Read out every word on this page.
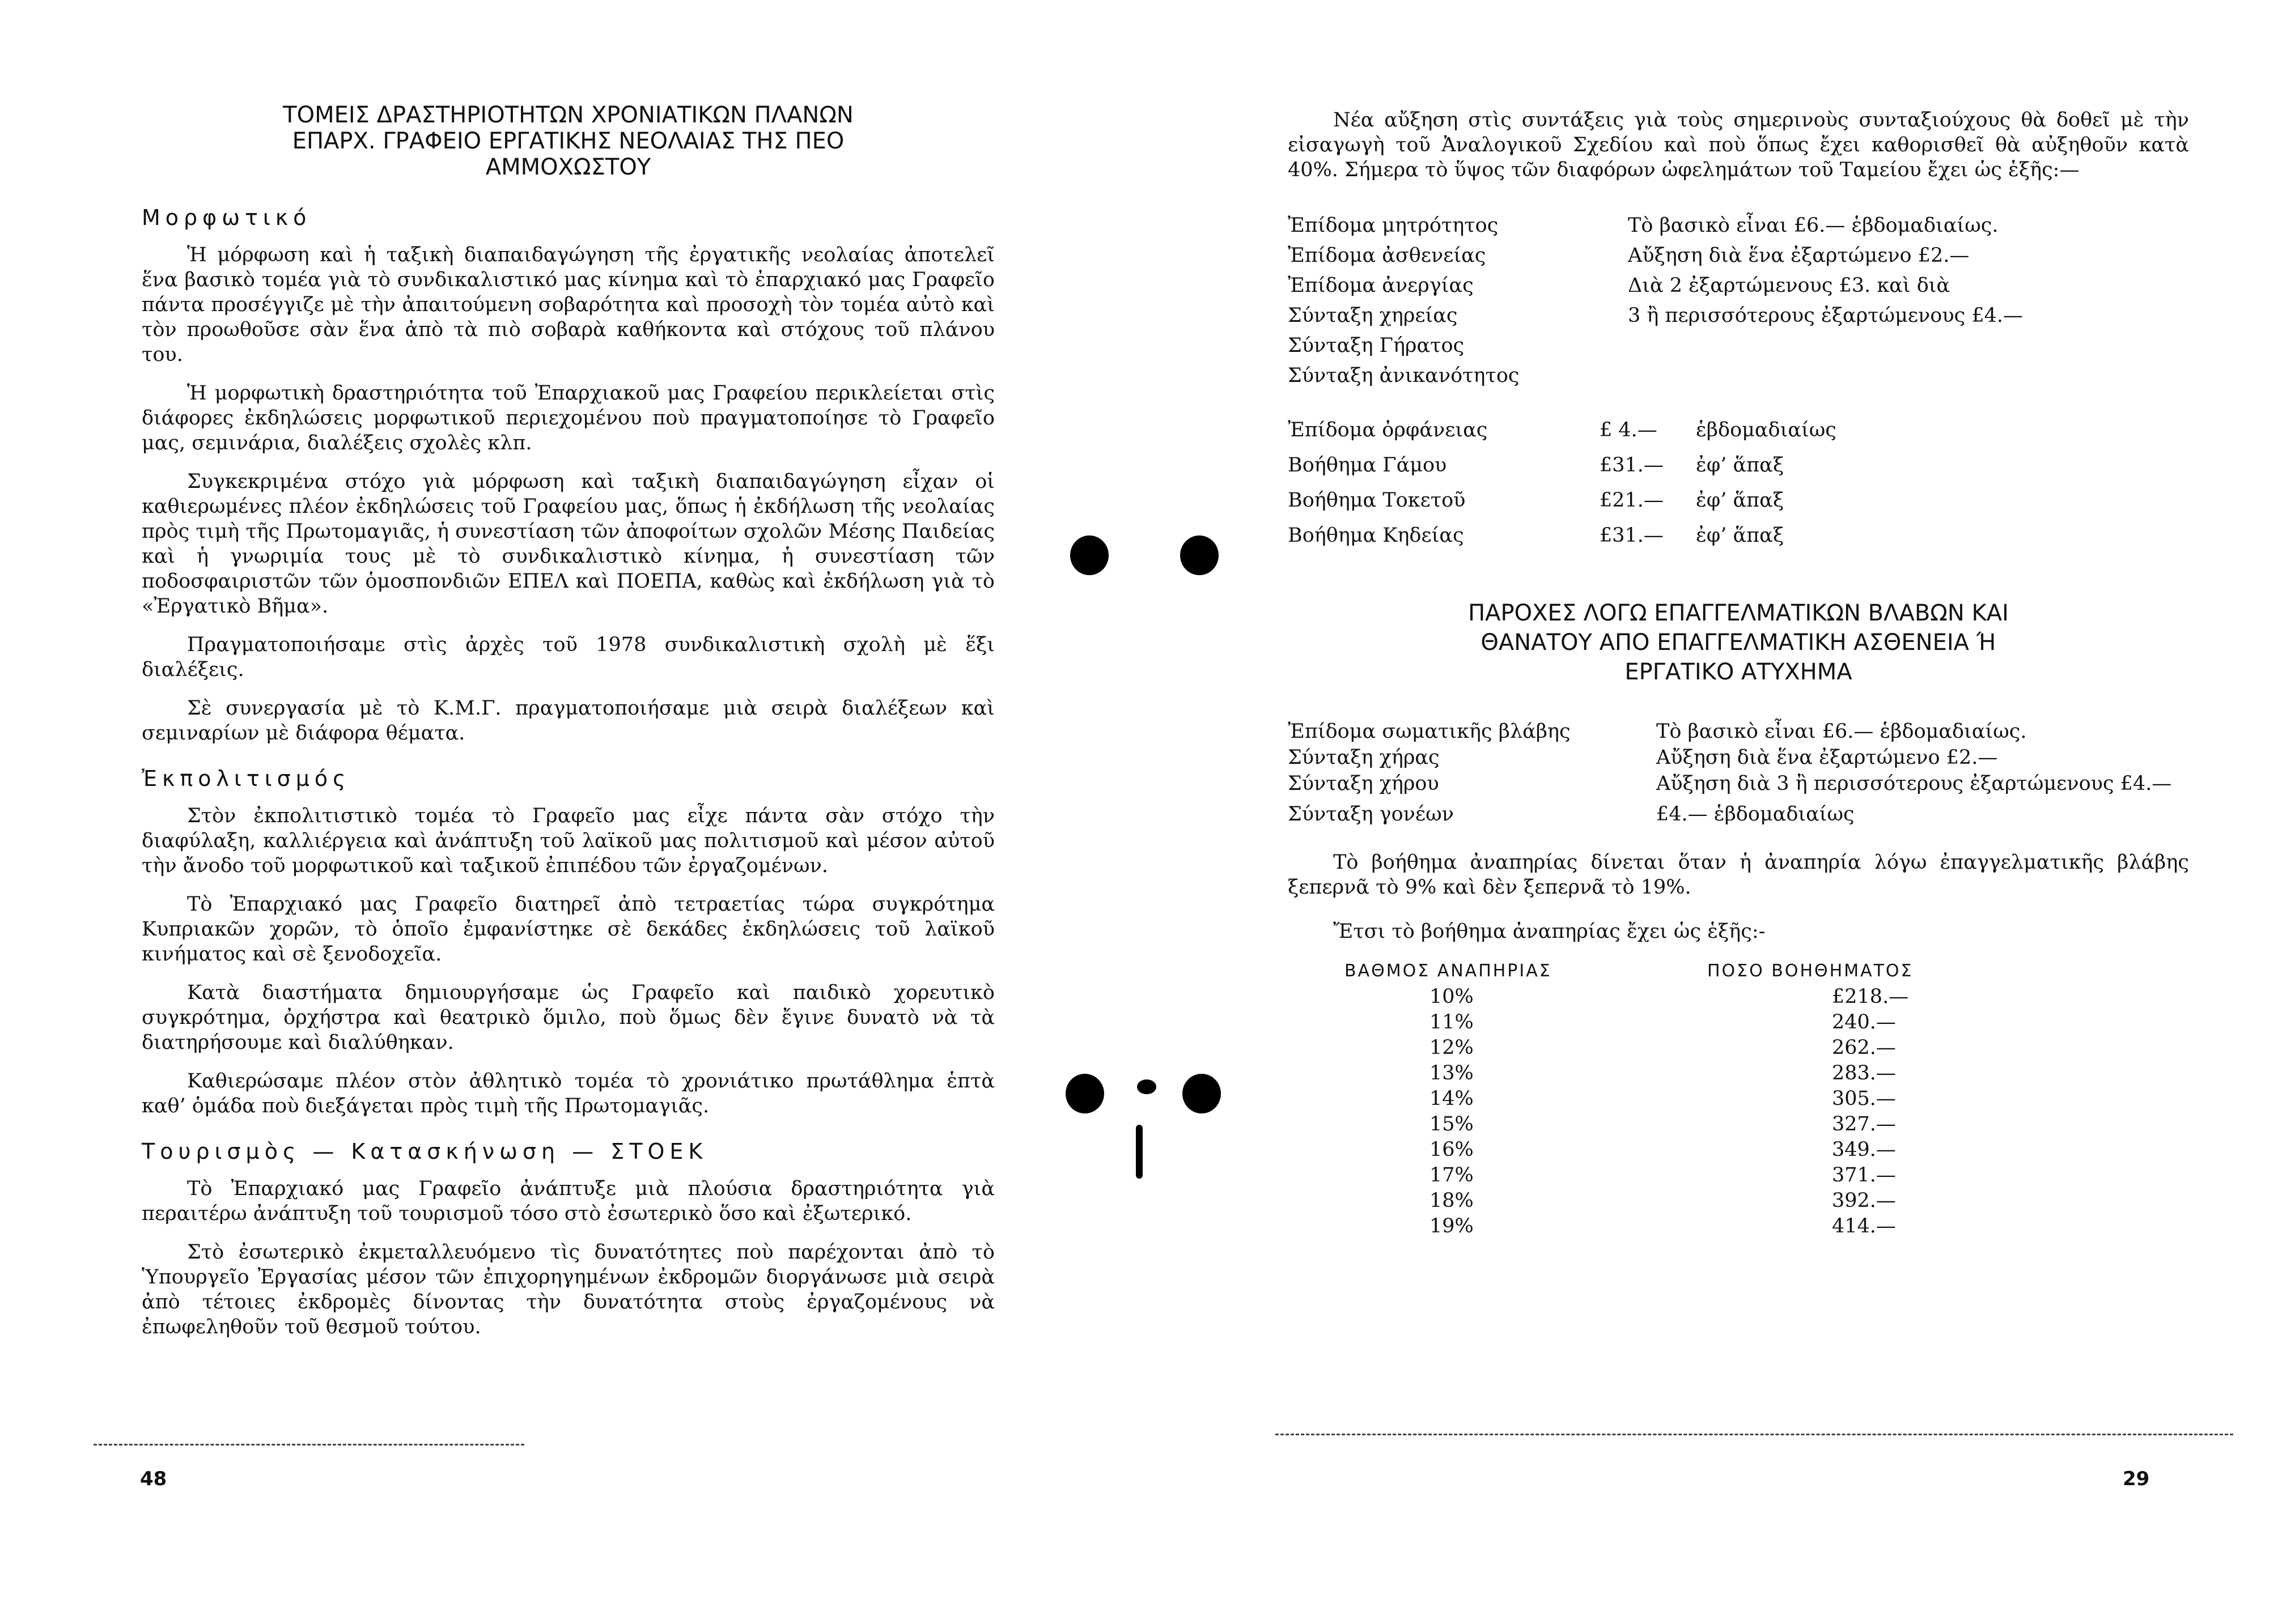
ΤΟΜΕΙΣ ΔΡΑΣΤΗΡΙΟΤΗΤΩΝ ΧΡΟΝΙΑΤΙΚΩΝ ΠΛΑΝΩΝ
ΕΠΑΡΧ. ΓΡΑΦΕΙΟ ΕΡΓΑΤΙΚΗΣ ΝΕΟΛΑΙΑΣ ΤΗΣ ΠΕΟ
ΑΜΜΟΧΩΣΤΟΥ
Μορφωτικό

Ἡ μόρφωση καὶ ἡ ταξικὴ διαπαιδαγώγηση τῆς ἐργατικῆς νεολαίας ἀποτελεῖ ἕνα βασικὸ τομέα γιὰ τὸ συνδικαλιστικό μας κίνημα καὶ τὸ ἐπαρχιακό μας Γραφεῖο πάντα προσέγγιζε μὲ τὴν ἀπαιτούμενη σοβαρότητα καὶ προσοχὴ τὸν τομέα αὐτὸ καὶ τὸν προωθοῦσε σὰν ἕνα ἀπὸ τὰ πιὸ σοβαρὰ καθήκοντα καὶ στόχους τοῦ πλάνου του.

Ἡ μορφωτικὴ δραστηριότητα τοῦ Ἐπαρχιακοῦ μας Γραφείου περικλείεται στὶς διάφορες ἐκδηλώσεις μορφωτικοῦ περιεχομένου ποὺ πραγματοποίησε τὸ Γραφεῖο μας, σεμινάρια, διαλέξεις σχολὲς κλπ.

Συγκεκριμένα στόχο γιὰ μόρφωση καὶ ταξικὴ διαπαιδαγώγηση εἶχαν οἱ καθιερωμένες πλέον ἐκδηλώσεις τοῦ Γραφείου μας, ὅπως ἡ ἐκδήλωση τῆς νεολαίας πρὸς τιμὴ τῆς Πρωτομαγιᾶς, ἡ συνεστίαση τῶν ἀποφοίτων σχολῶν Μέσης Παιδείας καὶ ἡ γνωριμία τους μὲ τὸ συνδικαλιστικὸ κίνημα, ἡ συνεστίαση τῶν ποδοσφαιριστῶν τῶν ὁμοσπονδιῶν ΕΠΕΛ καὶ ΠΟΕΠΑ, καθὼς καὶ ἐκδήλωση γιὰ τὸ «Ἐργατικὸ Βῆμα».

Πραγματοποιήσαμε στὶς ἀρχὲς τοῦ 1978 συνδικαλιστικὴ σχολὴ μὲ ἕξι διαλέξεις.

Σὲ συνεργασία μὲ τὸ Κ.Μ.Γ. πραγματοποιήσαμε μιὰ σειρὰ διαλέξεων καὶ σεμιναρίων μὲ διάφορα θέματα.

Ἐκπολιτισμός

Στὸν ἐκπολιτιστικὸ τομέα τὸ Γραφεῖο μας εἶχε πάντα σὰν στόχο τὴν διαφύλαξη, καλλιέργεια καὶ ἀνάπτυξη τοῦ λαϊκοῦ μας πολιτισμοῦ καὶ μέσον αὐτοῦ τὴν ἄνοδο τοῦ μορφωτικοῦ καὶ ταξικοῦ ἐπιπέδου τῶν ἐργαζομένων.

Τὸ Ἐπαρχιακό μας Γραφεῖο διατηρεῖ ἀπὸ τετραετίας τώρα συγκρότημα Κυπριακῶν χορῶν, τὸ ὁποῖο ἐμφανίστηκε σὲ δεκάδες ἐκδηλώσεις τοῦ λαϊκοῦ κινήματος καὶ σὲ ξενοδοχεῖα.

Κατὰ διαστήματα δημιουργήσαμε ὡς Γραφεῖο καὶ παιδικὸ χορευτικὸ συγκρότημα, ὀρχήστρα καὶ θεατρικὸ ὅμιλο, ποὺ ὅμως δὲν ἔγινε δυνατὸ νὰ τὰ διατηρήσουμε καὶ διαλύθηκαν.

Καθιερώσαμε πλέον στὸν ἀθλητικὸ τομέα τὸ χρονιάτικο πρωτάθλημα ἑπτὰ καθ’ ὁμάδα ποὺ διεξάγεται πρὸς τιμὴ τῆς Πρωτομαγιᾶς.

Τουρισμὸς — Κατασκήνωση — ΣΤΟΕΚ

Τὸ Ἐπαρχιακό μας Γραφεῖο ἀνάπτυξε μιὰ πλούσια δραστηριότητα γιὰ περαιτέρω ἀνάπτυξη τοῦ τουρισμοῦ τόσο στὸ ἐσωτερικὸ ὅσο καὶ ἐξωτερικό.

Στὸ ἐσωτερικὸ ἐκμεταλλευόμενο τὶς δυνατότητες ποὺ παρέχονται ἀπὸ τὸ Ὑπουργεῖο Ἐργασίας μέσον τῶν ἐπιχορηγημένων ἐκδρομῶν διοργάνωσε μιὰ σειρὰ ἀπὸ τέτοιες ἐκδρομὲς δίνοντας τὴν δυνατότητα στοὺς ἐργαζομένους νὰ ἐπωφεληθοῦν τοῦ θεσμοῦ τούτου.

48

Νέα αὔξηση στὶς συντάξεις γιὰ τοὺς σημερινοὺς συνταξιούχους θὰ δοθεῖ μὲ τὴν εἰσαγωγὴ τοῦ Ἀναλογικοῦ Σχεδίου καὶ ποὺ ὅπως ἔχει καθορισθεῖ θὰ αὐξηθοῦν κατὰ 40%. Σήμερα τὸ ὕψος τῶν διαφόρων ὠφελημάτων τοῦ Ταμείου ἔχει ὡς ἑξῆς:—

Ἐπίδομα μητρότητος	Τὸ βασικὸ εἶναι £6.— ἑβδομαδιαίως.
Ἐπίδομα ἀσθενείας	Αὔξηση διὰ ἕνα ἐξαρτώμενο £2.—
Ἐπίδομα ἀνεργίας	Διὰ 2 ἐξαρτώμενους £3. καὶ διὰ
Σύνταξη χηρείας	3 ἢ περισσότερους ἐξαρτώμενους £4.—
Σύνταξη Γήρατος
Σύνταξη ἀνικανότητος
Ἐπίδομα ὀρφάνειας	£ 4.—	ἑβδομαδιαίως
Βοήθημα Γάμου	£31.—	ἐφ’ ἅπαξ
Βοήθημα Τοκετοῦ	£21.—	ἐφ’ ἅπαξ
Βοήθημα Κηδείας	£31.—	ἐφ’ ἅπαξ
ΠΑΡΟΧΕΣ ΛΟΓΩ ΕΠΑΓΓΕΛΜΑΤΙΚΩΝ ΒΛΑΒΩΝ ΚΑΙ
ΘΑΝΑΤΟΥ ΑΠΟ ΕΠΑΓΓΕΛΜΑΤΙΚΗ ΑΣΘΕΝΕΙΑ Ή
ΕΡΓΑΤΙΚΟ ΑΤΥΧΗΜΑ
Ἐπίδομα σωματικῆς βλάβης	Τὸ βασικὸ εἶναι £6.— ἑβδομαδιαίως.
Σύνταξη χήρας	Αὔξηση διὰ ἕνα ἐξαρτώμενο £2.—
Σύνταξη χήρου	Αὔξηση διὰ 3 ἢ περισσότερους ἐξαρτώμενους £4.—
Σύνταξη γονέων	£4.— ἑβδομαδιαίως

Τὸ βοήθημα ἀναπηρίας δίνεται ὅταν ἡ ἀναπηρία λόγω ἐπαγγελματικῆς βλάβης ξεπερνᾶ τὸ 9% καὶ δὲν ξεπερνᾶ τὸ 19%.

Ἔτσι τὸ βοήθημα ἀναπηρίας ἔχει ὡς ἑξῆς:-

ΒΑΘΜΟΣ ΑΝΑΠΗΡΙΑΣ	ΠΟΣΟ ΒΟΗΘΗΜΑΤΟΣ
10%	£218.—
11%	240.—
12%	262.—
13%	283.—
14%	305.—
15%	327.—
16%	349.—
17%	371.—
18%	392.—
19%	414.—
29
